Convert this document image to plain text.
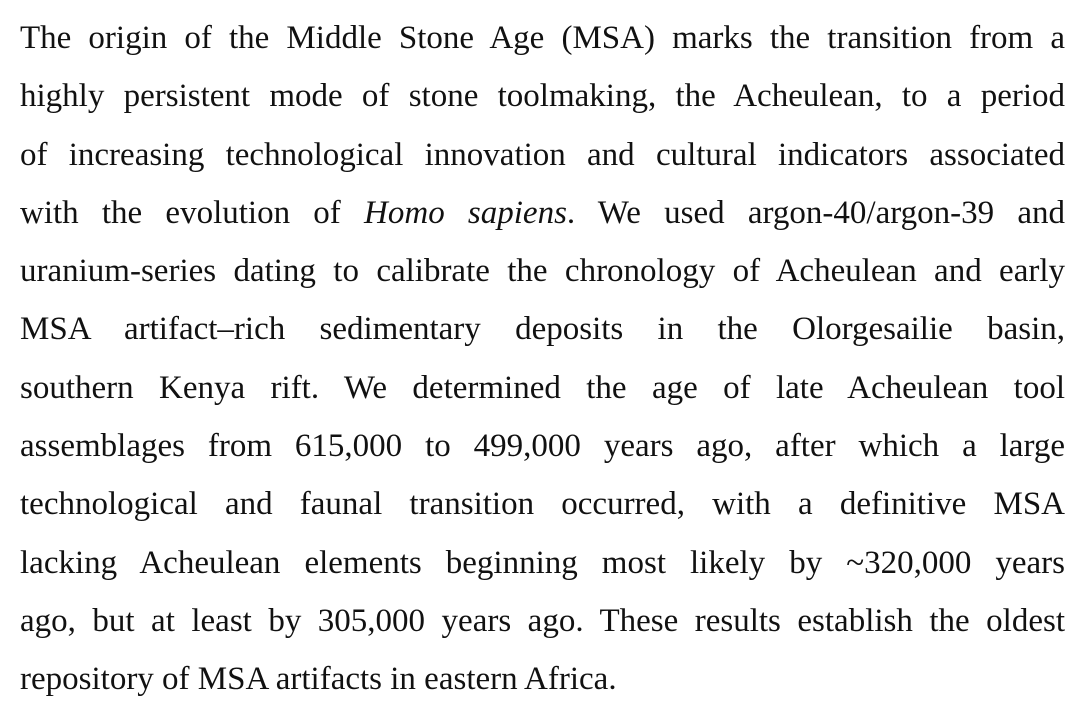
The origin of the Middle Stone Age (MSA) marks the transition from a
highly persistent mode of stone toolmaking, the Acheulean, to a period
of increasing technological innovation and cultural indicators associated
with the evolution of Homo sapiens. We used argon-40/argon-39 and
uranium-series dating to calibrate the chronology of Acheulean and early
MSA artifact–rich sedimentary deposits in the Olorgesailie basin,
southern Kenya rift. We determined the age of late Acheulean tool
assemblages from 615,000 to 499,000 years ago, after which a large
technological and faunal transition occurred, with a definitive MSA
lacking Acheulean elements beginning most likely by ~320,000 years
ago, but at least by 305,000 years ago. These results establish the oldest
repository of MSA artifacts in eastern Africa.
